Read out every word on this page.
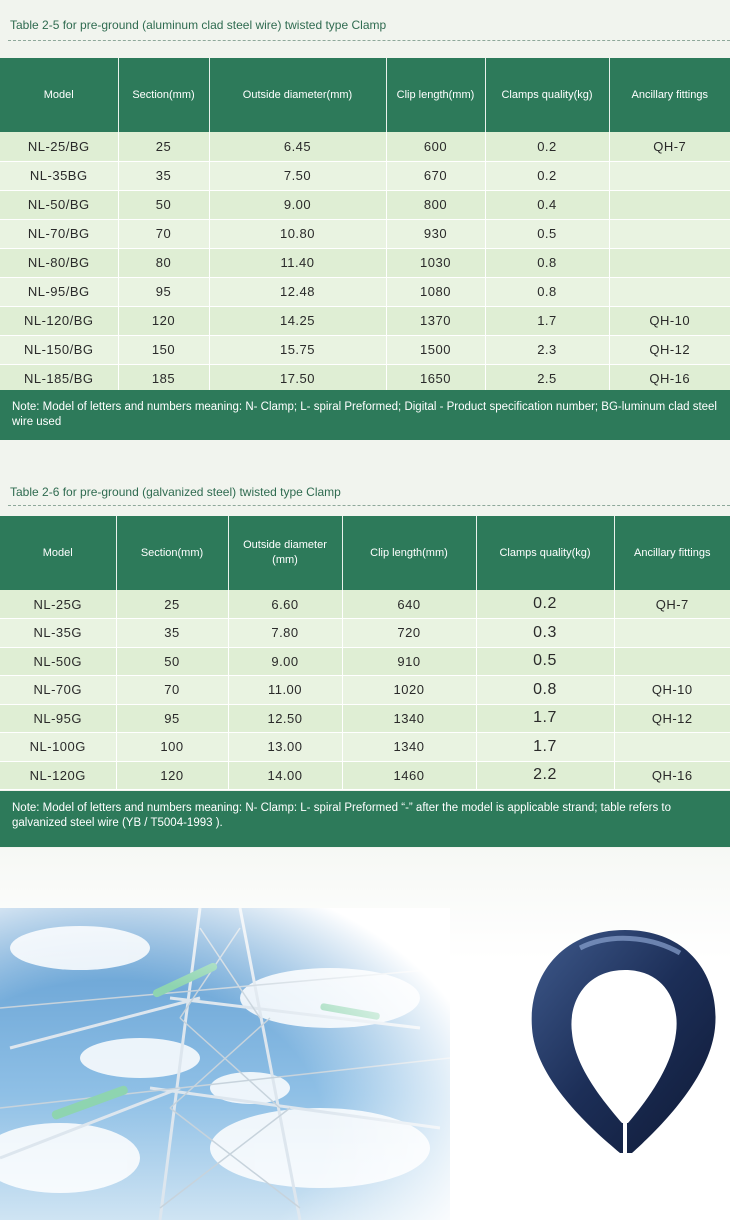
Table 2-5 for pre-ground (aluminum clad steel wire) twisted type Clamp
Model	Section(mm)	Outside diameter(mm)	Clip length(mm)	Clamps quality(kg)	Ancillary fittings
NL-25/BG	25	6.45	600	0.2	QH-7
NL-35BG	35	7.50	670	0.2	
NL-50/BG	50	9.00	800	0.4	
NL-70/BG	70	10.80	930	0.5	
NL-80/BG	80	11.40	1030	0.8	
NL-95/BG	95	12.48	1080	0.8	
NL-120/BG	120	14.25	1370	1.7	QH-10
NL-150/BG	150	15.75	1500	2.3	QH-12
NL-185/BG	185	17.50	1650	2.5	QH-16
Note: Model of letters and numbers meaning: N- Clamp; L- spiral Preformed; Digital - Product specification number; BG-luminum clad steel wire used
Table 2-6 for pre-ground (galvanized steel) twisted type Clamp
Model	Section(mm)	Outside diameter (mm)	Clip length(mm)	Clamps quality(kg)	Ancillary fittings
NL-25G	25	6.60	640	0.2	QH-7
NL-35G	35	7.80	720	0.3	
NL-50G	50	9.00	910	0.5	
NL-70G	70	11.00	1020	0.8	QH-10
NL-95G	95	12.50	1340	1.7	QH-12
NL-100G	100	13.00	1340	1.7	
NL-120G	120	14.00	1460	2.2	QH-16
Note: Model of letters and numbers meaning: N- Clamp: L- spiral Preformed “-” after the model is applicable strand; table refers to galvanized steel wire (YB / T5004-1993 ).
